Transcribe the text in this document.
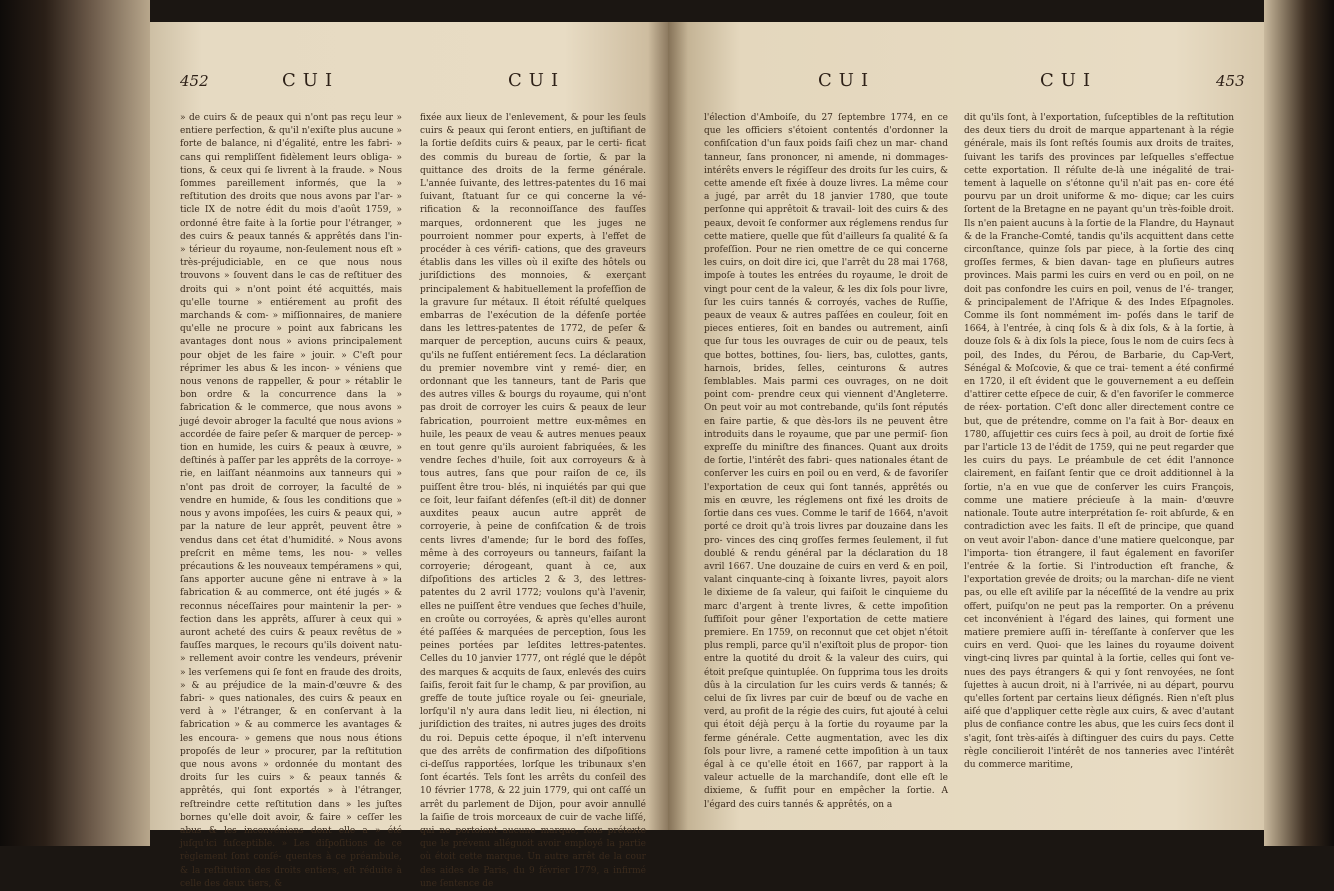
452	CUI	CUI

» de cuirs & de peaux qui n'ont pas reçu leur » entiere perfection, & qu'il n'exiſte plus aucune » forte de balance, ni d'égalité, entre les fabri- » cans qui rempliſſent fidèlement leurs obliga- » tions, & ceux qui ſe livrent à la fraude. » Nous ſommes pareillement informés, que la » reſtitution des droits que nous avons par l'ar- » ticle IX de notre édit du mois d'août 1759, » ordonné être faite à la ſortie pour l'étranger, » des cuirs & peaux tannés & apprêtés dans l'in- » térieur du royaume, non-ſeulement nous eſt » très-préjudiciable, en ce que nous nous trouvons » ſouvent dans le cas de reſtituer des droits qui » n'ont point été acquittés, mais qu'elle tourne » entiérement au profit des marchands & com- » miſſionnaires, de maniere qu'elle ne procure » point aux fabricans les avantages dont nous » avions principalement pour objet de les faire » jouir. » C'eſt pour réprimer les abus & les incon- » véniens que nous venons de rappeller, & pour » rétablir le bon ordre & la concurrence dans la » fabrication & le commerce, que nous avons » jugé devoir abroger la faculté que nous avions » accordée de faire peſer & marquer de percep- » tion en humide, les cuirs & peaux à œuvre, » deſtinés à paſſer par les apprêts de la corroye- » rie, en laiſſant néanmoins aux tanneurs qui » n'ont pas droit de corroyer, la faculté de » vendre en humide, & ſous les conditions que » nous y avons impoſées, les cuirs & peaux qui, » par la nature de leur apprêt, peuvent être » vendus dans cet état d'humidité. » Nous avons preſcrit en même tems, les nou- » velles précautions & les nouveaux tempéramens » qui, ſans apporter aucune gêne ni entrave à » la fabrication & au commerce, ont été jugés » & reconnus néceſſaires pour maintenir la per- » fection dans les apprêts, aſſurer à ceux qui » auront acheté des cuirs & peaux revêtus de » fauſſes marques, le recours qu'ils doivent natu- » rellement avoir contre les vendeurs, prévenir » les verſemens qui ſe font en fraude des droits, » & au préjudice de la main-d'œuvre & des fabri- » ques nationales, des cuirs & peaux en verd à » l'étranger, & en conſervant à la fabrication » & au commerce les avantages & les encoura- » gemens que nous nous étions propoſés de leur » procurer, par la reſtitution que nous avons » ordonnée du montant des droits ſur les cuirs » & peaux tannés & apprêtés, qui ſont exportés » à l'étranger, reſtreindre cette reſtitution dans » les juſtes bornes qu'elle doit avoir, & faire » ceſſer les abus & les inconvéniens dont elle a » été juſqu'ici ſuſceptible. » Les diſpoſitions de ce règlement ſont conſé- quentes à ce préambule, & la reſtitution des droits entiers, eſt réduite à celle des deux tiers, &

fixée aux lieux de l'enlevement, & pour les ſeuls cuirs & peaux qui ſeront entiers, en juſtifiant de la ſortie deſdits cuirs & peaux, par le certi- ficat des commis du bureau de ſortie, & par la quittance des droits de la ferme générale. L'année ſuivante, des lettres-patentes du 16 mai ſuivant, ſtatuant ſur ce qui concerne la vé- rification & la reconnoiſſance des fauſſes marques, ordonnerent que les juges ne pourroient nommer pour experts, à l'effet de procéder à ces vérifi- cations, que des graveurs établis dans les villes où il exiſte des hôtels ou juriſdictions des monnoies, & exerçant principalement & habituellement la profeſſion de la gravure ſur métaux. Il étoit réſulté quelques embarras de l'exécution de la défenſe portée dans les lettres-patentes de 1772, de peſer & marquer de perception, aucuns cuirs & peaux, qu'ils ne fuſſent entiérement ſecs. La déclaration du premier novembre vint y remé- dier, en ordonnant que les tanneurs, tant de Paris que des autres villes & bourgs du royaume, qui n'ont pas droit de corroyer les cuirs & peaux de leur fabrication, pourroient mettre eux-mêmes en huile, les peaux de veau & autres menues peaux en tout genre qu'ils auroient fabriquées, & les vendre ſeches d'huile, ſoit aux corroyeurs & à tous autres, ſans que pour raiſon de ce, ils puiſſent être trou- blés, ni inquiétés par qui que ce ſoit, leur faiſant défenſes (eſt-il dit) de donner auxdites peaux aucun autre apprêt de corroyerie, à peine de confiſcation & de trois cents livres d'amende; ſur le bord des foſſes, même à des corroyeurs ou tanneurs, faiſant la corroyerie; dérogeant, quant à ce, aux diſpoſitions des articles 2 & 3, des lettres-patentes du 2 avril 1772; voulons qu'à l'avenir, elles ne puiſſent être vendues que ſeches d'huile, en croûte ou corroyées, & après qu'elles auront été paſſées & marquées de perception, ſous les peines portées par leſdites lettres-patentes. Celles du 10 janvier 1777, ont réglé que le dépôt des marques & acquits de ſaux, enlevés des cuirs ſaiſis, feroit fait ſur le champ, & par proviſion, au greffe de toute juſtice royale ou ſei- gneuriale, lorſqu'il n'y aura dans ledit lieu, ni élection, ni juriſdiction des traites, ni autres juges des droits du roi. Depuis cette époque, il n'eſt intervenu que des arrêts de confirmation des diſpoſitions ci-deſſus rapportées, lorſque les tribunaux s'en ſont écartés. Tels ſont les arrêts du conſeil des 10 février 1778, & 22 juin 1779, qui ont caſſé un arrêt du parlement de Dijon, pour avoir annullé la ſaiſie de trois morceaux de cuir de vache liſſé, qui ne portoient aucune marque, ſous prétexte que le prévenu alléguoit avoir employé la partie où étoit cette marque. Un autre arrêt de la cour des aides de Paris, du 9 février 1779, a infirmé une ſentence de

CUI	CUI	453

l'élection d'Amboiſe, du 27 ſeptembre 1774, en ce que les officiers s'étoient contentés d'ordonner la confiſcation d'un faux poids ſaiſi chez un mar- chand tanneur, ſans prononcer, ni amende, ni dommages-intérêts envers le régiſſeur des droits ſur les cuirs, & cette amende eſt fixée à douze livres. La même cour a jugé, par arrêt du 18 janvier 1780, que toute perſonne qui apprêtoit & travail- loit des cuirs & des peaux, devoit ſe conformer aux réglemens rendus ſur cette matiere, quelle que fût d'ailleurs ſa qualité & ſa profeſſion. Pour ne rien omettre de ce qui concerne les cuirs, on doit dire ici, que l'arrêt du 28 mai 1768, impoſe à toutes les entrées du royaume, le droit de vingt pour cent de la valeur, & les dix ſols pour livre, ſur les cuirs tannés & corroyés, vaches de Ruſſie, peaux de veaux & autres paſſées en couleur, ſoit en pieces entieres, ſoit en bandes ou autrement, ainſi que ſur tous les ouvrages de cuir ou de peaux, tels que bottes, bottines, ſou- liers, bas, culottes, gants, harnois, brides, ſelles, ceinturons & autres ſemblables. Mais parmi ces ouvrages, on ne doit point com- prendre ceux qui viennent d'Angleterre. On peut voir au mot contrebande, qu'ils ſont réputés en faire partie, & que dès-lors ils ne peuvent être introduits dans le royaume, que par une permiſ- ſion expreſſe du miniſtre des finances. Quant aux droits de ſortie, l'intérêt des fabri- ques nationales étant de conſerver les cuirs en poil ou en verd, & de favoriſer l'exportation de ceux qui ſont tannés, apprêtés ou mis en œuvre, les réglemens ont fixé les droits de ſortie dans ces vues. Comme le tarif de 1664, n'avoit porté ce droit qu'à trois livres par douzaine dans les pro- vinces des cinq groſſes fermes ſeulement, il fut doublé & rendu général par la déclaration du 18 avril 1667. Une douzaine de cuirs en verd & en poil, valant cinquante-cinq à ſoixante livres, payoit alors le dixieme de ſa valeur, qui faiſoit le cinquieme du marc d'argent à trente livres, & cette impoſition ſuffiſoit pour gêner l'exportation de cette matiere premiere. En 1759, on reconnut que cet objet n'étoit plus rempli, parce qu'il n'exiſtoit plus de propor- tion entre la quotité du droit & la valeur des cuirs, qui étoit preſque quintuplée. On ſupprima tous les droits dûs à la circulation ſur les cuirs verds & tannés; & celui de ſix livres par cuir de bœuf ou de vache en verd, au profit de la régie des cuirs, fut ajouté à celui qui étoit déjà perçu à la ſortie du royaume par la ferme générale. Cette augmentation, avec les dix ſols pour livre, a ramené cette impoſition à un taux égal à ce qu'elle étoit en 1667, par rapport à la valeur actuelle de la marchandiſe, dont elle eſt le dixieme, & ſuffit pour en empêcher la ſortie. A l'égard des cuirs tannés & apprêtés, on a

dit qu'ils ſont, à l'exportation, ſuſceptibles de la reſtitution des deux tiers du droit de marque appartenant à la régie générale, mais ils ſont reſtés ſoumis aux droits de traites, ſuivant les tarifs des provinces par leſquelles s'effectue cette exportation. Il réſulte de-là une inégalité de trai- tement à laquelle on s'étonne qu'il n'ait pas en- core été pourvu par un droit uniforme & mo- dique; car les cuirs ſortent de la Bretagne en ne payant qu'un très-foible droit. Ils n'en paient aucuns à la ſortie de la Flandre, du Haynaut & de la Franche-Comté, tandis qu'ils acquittent dans cette circonſtance, quinze ſols par piece, à la ſortie des cinq groſſes fermes, & bien davan- tage en pluſieurs autres provinces. Mais parmi les cuirs en verd ou en poil, on ne doit pas confondre les cuirs en poil, venus de l'é- tranger, & principalement de l'Afrique & des Indes Eſpagnoles. Comme ils ſont nommément im- poſés dans le tarif de 1664, à l'entrée, à cinq ſols & à dix ſols, & à la ſortie, à douze ſols & à dix ſols la piece, ſous le nom de cuirs ſecs à poil, des Indes, du Pérou, de Barbarie, du Cap-Vert, Sénégal & Moſcovie, & que ce trai- tement a été confirmé en 1720, il eſt évident que le gouvernement a eu deſſein d'attirer cette eſpece de cuir, & d'en favoriſer le commerce de réex- portation. C'eſt donc aller directement contre ce but, que de prétendre, comme on l'a fait à Bor- deaux en 1780, aſſujettir ces cuirs ſecs à poil, au droit de ſortie fixé par l'article 13 de l'édit de 1759, qui ne peut regarder que les cuirs du pays. Le préambule de cet édit l'annonce clairement, en faiſant ſentir que ce droit additionnel à la ſortie, n'a en vue que de conſerver les cuirs François, comme une matiere précieuſe à la main- d'œuvre nationale. Toute autre interprétation ſe- roit abſurde, & en contradiction avec les faits. Il eſt de principe, que quand on veut avoir l'abon- dance d'une matiere quelconque, par l'importa- tion étrangere, il faut également en favoriſer l'entrée & la ſortie. Si l'introduction eſt franche, & l'exportation grevée de droits; ou la marchan- diſe ne vient pas, ou elle eſt aviliſe par la néceſſité de la vendre au prix offert, puiſqu'on ne peut pas la remporter. On a prévenu cet inconvénient à l'égard des laines, qui forment une matiere premiere auſſi in- téreſſante à conſerver que les cuirs en verd. Quoi- que les laines du royaume doivent vingt-cinq livres par quintal à la ſortie, celles qui ſont ve- nues des pays étrangers & qui y ſont renvoyées, ne ſont ſujettes à aucun droit, ni à l'arrivée, ni au départ, pourvu qu'elles ſortent par certains lieux déſignés. Rien n'eſt plus aiſé que d'appliquer cette règle aux cuirs, & avec d'autant plus de confiance contre les abus, que les cuirs ſecs dont il s'agit, ſont très-aiſés à diſtinguer des cuirs du pays. Cette règle concilieroit l'intérêt de nos tanneries avec l'intérêt du commerce maritime,
